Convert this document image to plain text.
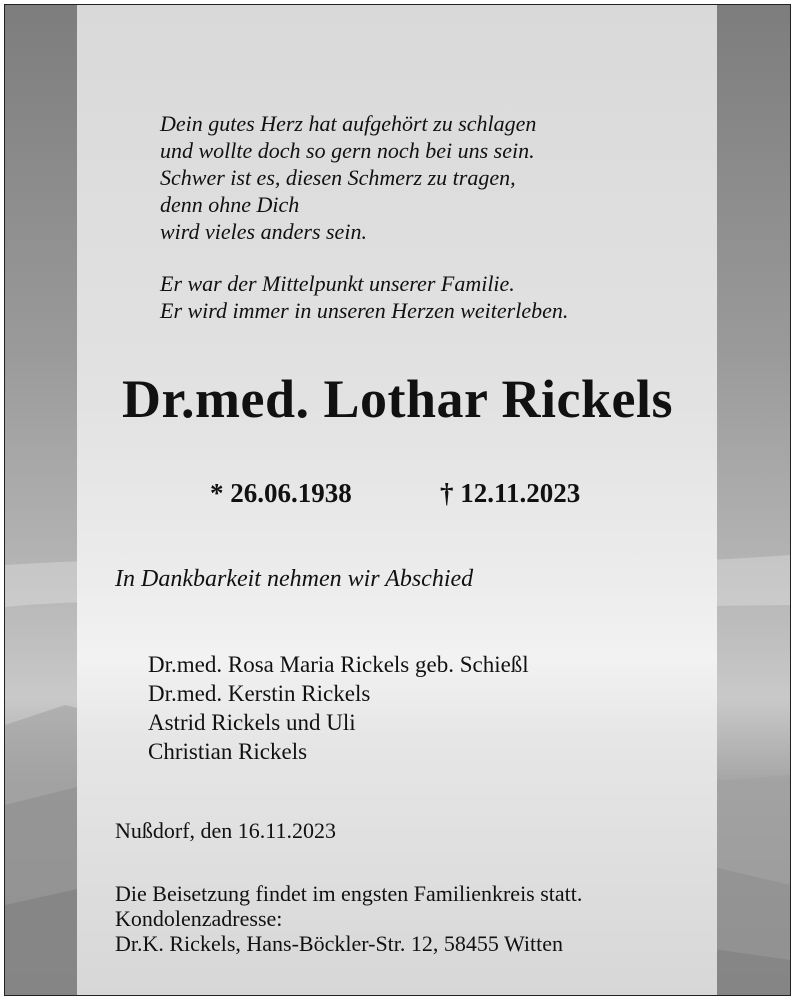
Dein gutes Herz hat aufgehört zu schlagen

und wollte doch so gern noch bei uns sein.

Schwer ist es, diesen Schmerz zu tragen,

denn ohne Dich

wird vieles anders sein.

Er war der Mittelpunkt unserer Familie.

Er wird immer in unseren Herzen weiterleben.

Dr.med. Lothar Rickels
* 26.06.1938	† 12.11.2023
In Dankbarkeit nehmen wir Abschied
Dr.med. Rosa Maria Rickels geb. Schießl
Dr.med. Kerstin Rickels
Astrid Rickels und Uli
Christian Rickels
Nußdorf, den 16.11.2023
Die Beisetzung findet im engsten Familienkreis statt.
Kondolenzadresse:
Dr.K. Rickels, Hans-Böckler-Str. 12, 58455 Witten
